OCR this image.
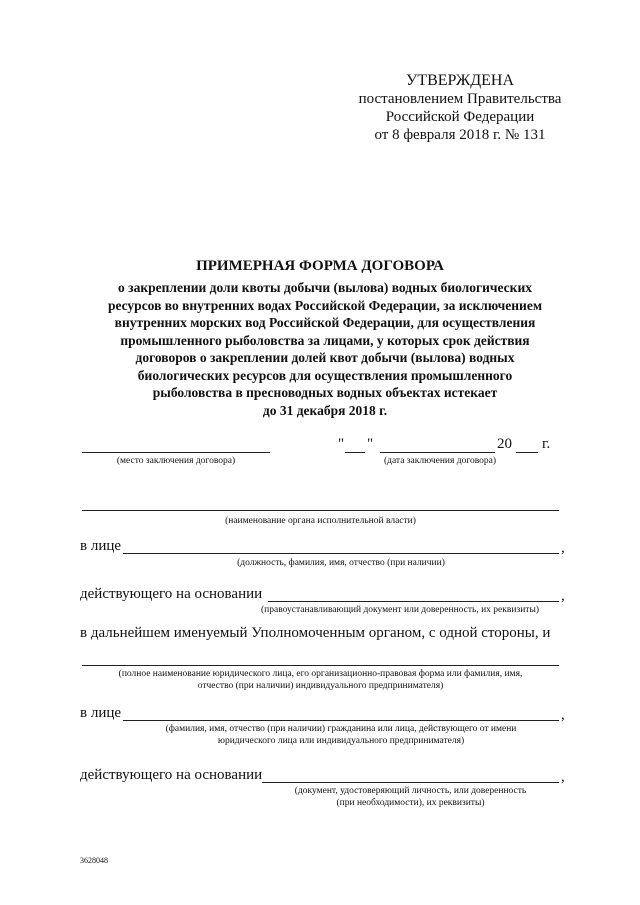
УТВЕРЖДЕНА
постановлением Правительства
Российской Федерации
от 8 февраля 2018 г. № 131
ПРИМЕРНАЯ ФОРМА ДОГОВОРА
о закреплении доли квоты добычи (вылова) водных биологических
ресурсов во внутренних водах Российской Федерации, за исключением
внутренних морских вод Российской Федерации, для осуществления
промышленного рыболовства за лицами, у которых срок действия
договоров о закреплении долей квот добычи (вылова) водных
биологических ресурсов для осуществления промышленного
рыболовства в пресноводных водных объектах истекает
до 31 декабря 2018 г.
(место заключения договора)
" "	20 г.
(дата заключения договора)
(наименование органа исполнительной власти)
в лице	,
(должность, фамилия, имя, отчество (при наличии)
действующего на основании	,
(правоустанавливающий документ или доверенность, их реквизиты)
в дальнейшем именуемый Уполномоченным органом, с одной стороны, и
(полное наименование юридического лица, его организационно-правовая форма или фамилия, имя,
отчество (при наличии) индивидуального предпринимателя)
в лице	,
(фамилия, имя, отчество (при наличии) гражданина или лица, действующего от имени
юридического лица или индивидуального предпринимателя)
действующего на основании	,
(документ, удостоверяющий личность, или доверенность
(при необходимости), их реквизиты)
3628048
